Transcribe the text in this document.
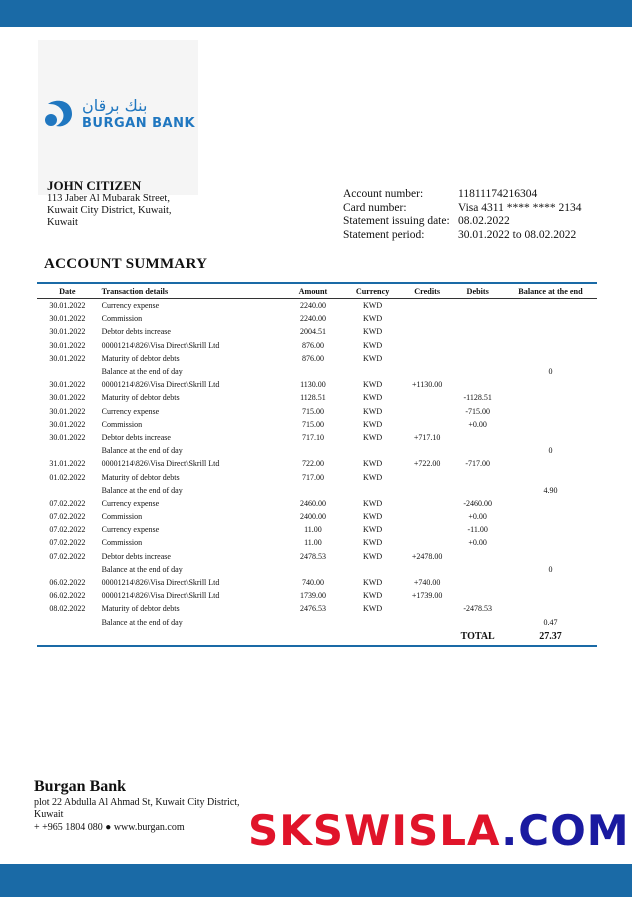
بنك برقان
BURGAN BANK
JOHN CITIZEN
113 Jaber Al Mubarak Street,
Kuwait City District, Kuwait,
Kuwait
Account number:	11811174216304
Card number:	Visa 4311 **** **** 2134
Statement issuing date: 08.02.2022
Statement period:	30.01.2022 to 08.02.2022
ACCOUNT SUMMARY
Date	Transaction details	Amount	Currency	Credits	Debits	Balance at the end
30.01.2022	Currency expense	2240.00	KWD			
30.01.2022	Commission	2240.00	KWD			
30.01.2022	Debtor debts increase	2004.51	KWD			
30.01.2022	00001214\826\Visa Direct\Skrill Ltd	876.00	KWD			
30.01.2022	Maturity of debtor debts	876.00	KWD			
	Balance at the end of day					0
30.01.2022	00001214\826\Visa Direct\Skrill Ltd	1130.00	KWD	+1130.00		
30.01.2022	Maturity of debtor debts	1128.51	KWD		-1128.51	
30.01.2022	Currency expense	715.00	KWD		-715.00	
30.01.2022	Commission	715.00	KWD		+0.00	
30.01.2022	Debtor debts increase	717.10	KWD	+717.10		
	Balance at the end of day					0
31.01.2022	00001214\826\Visa Direct\Skrill Ltd	722.00	KWD	+722.00	-717.00	
01.02.2022	Maturity of debtor debts	717.00	KWD			
	Balance at the end of day					4.90
07.02.2022	Currency expense	2460.00	KWD		-2460.00	
07.02.2022	Commission	2400.00	KWD		+0.00	
07.02.2022	Currency expense	11.00	KWD		-11.00	
07.02.2022	Commission	11.00	KWD		+0.00	
07.02.2022	Debtor debts increase	2478.53	KWD	+2478.00		
	Balance at the end of day					0
06.02.2022	00001214\826\Visa Direct\Skrill Ltd	740.00	KWD	+740.00		
06.02.2022	00001214\826\Visa Direct\Skrill Ltd	1739.00	KWD	+1739.00		
08.02.2022	Maturity of debtor debts	2476.53	KWD		-2478.53	
	Balance at the end of day					0.47
					TOTAL	27.37
Burgan Bank
plot 22 Abdulla Al Ahmad St, Kuwait City District,
Kuwait
+ +965 1804 080 ● www.burgan.com SKSWISLA.COM
